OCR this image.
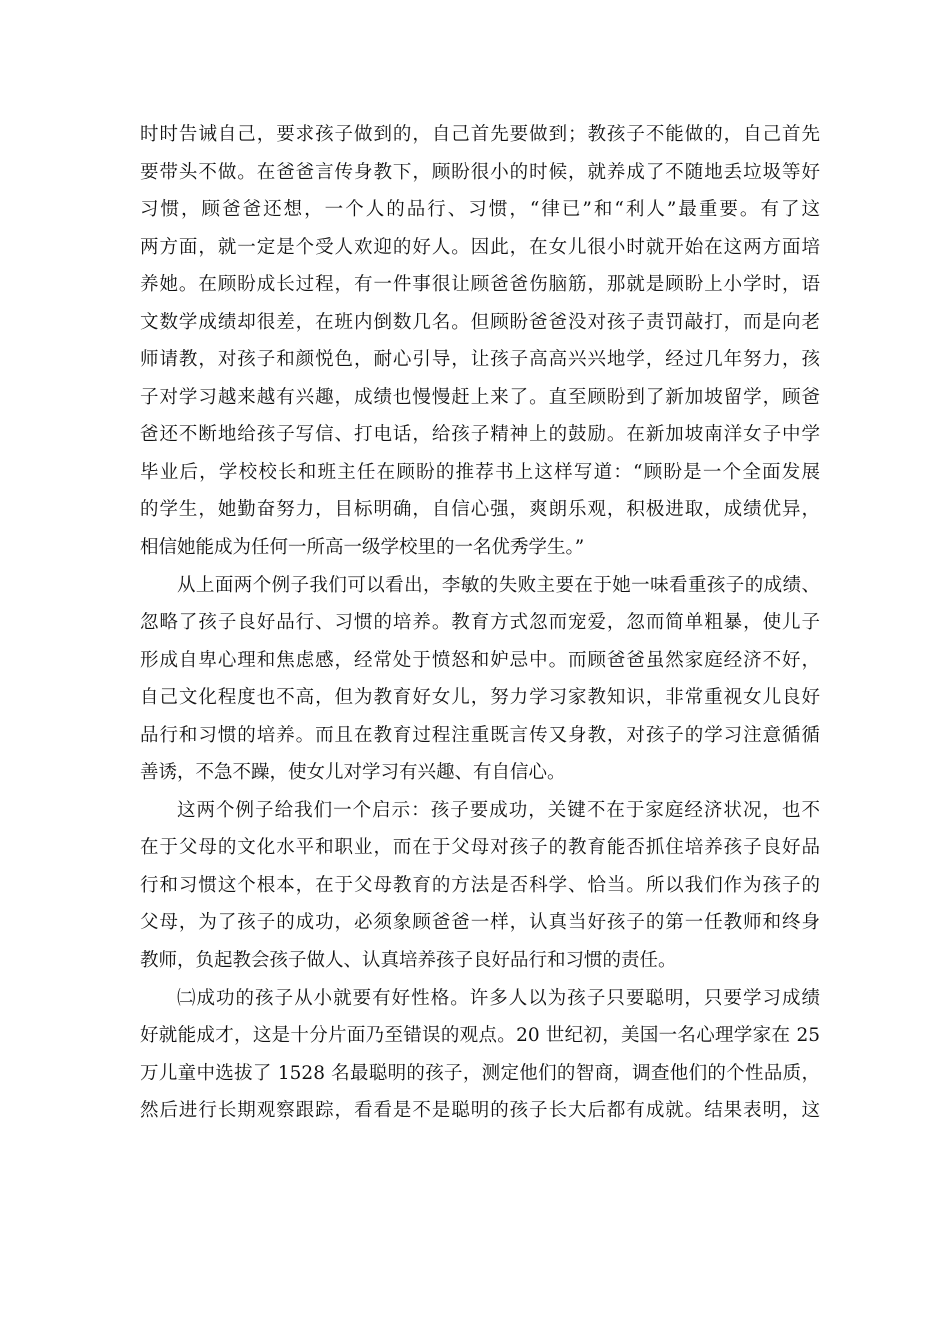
时时告诫自己，要求孩子做到的，自己首先要做到；教孩子不能做的，自己首先
要带头不做。在爸爸言传身教下，顾盼很小的时候，就养成了不随地丢垃圾等好
习惯，顾爸爸还想，一个人的品行、习惯，“律已”和“利人”最重要。有了这
两方面，就一定是个受人欢迎的好人。因此，在女儿很小时就开始在这两方面培
养她。在顾盼成长过程，有一件事很让顾爸爸伤脑筋，那就是顾盼上小学时，语
文数学成绩却很差，在班内倒数几名。但顾盼爸爸没对孩子责罚敲打，而是向老
师请教，对孩子和颜悦色，耐心引导，让孩子高高兴兴地学，经过几年努力，孩
子对学习越来越有兴趣，成绩也慢慢赶上来了。直至顾盼到了新加坡留学，顾爸
爸还不断地给孩子写信、打电话，给孩子精神上的鼓励。在新加坡南洋女子中学
毕业后，学校校长和班主任在顾盼的推荐书上这样写道：“顾盼是一个全面发展
的学生，她勤奋努力，目标明确，自信心强，爽朗乐观，积极进取，成绩优异，
相信她能成为任何一所高一级学校里的一名优秀学生。”
从上面两个例子我们可以看出，李敏的失败主要在于她一味看重孩子的成绩、
忽略了孩子良好品行、习惯的培养。教育方式忽而宠爱，忽而简单粗暴，使儿子
形成自卑心理和焦虑感，经常处于愤怒和妒忌中。而顾爸爸虽然家庭经济不好，
自己文化程度也不高，但为教育好女儿，努力学习家教知识，非常重视女儿良好
品行和习惯的培养。而且在教育过程注重既言传又身教，对孩子的学习注意循循
善诱，不急不躁，使女儿对学习有兴趣、有自信心。
这两个例子给我们一个启示：孩子要成功，关键不在于家庭经济状况，也不
在于父母的文化水平和职业，而在于父母对孩子的教育能否抓住培养孩子良好品
行和习惯这个根本，在于父母教育的方法是否科学、恰当。所以我们作为孩子的
父母，为了孩子的成功，必须象顾爸爸一样，认真当好孩子的第一任教师和终身
教师，负起教会孩子做人、认真培养孩子良好品行和习惯的责任。
㈡成功的孩子从小就要有好性格。许多人以为孩子只要聪明，只要学习成绩
好就能成才，这是十分片面乃至错误的观点。20 世纪初，美国一名心理学家在 25
万儿童中选拔了 1528 名最聪明的孩子，测定他们的智商，调查他们的个性品质，
然后进行长期观察跟踪，看看是不是聪明的孩子长大后都有成就。结果表明，这
